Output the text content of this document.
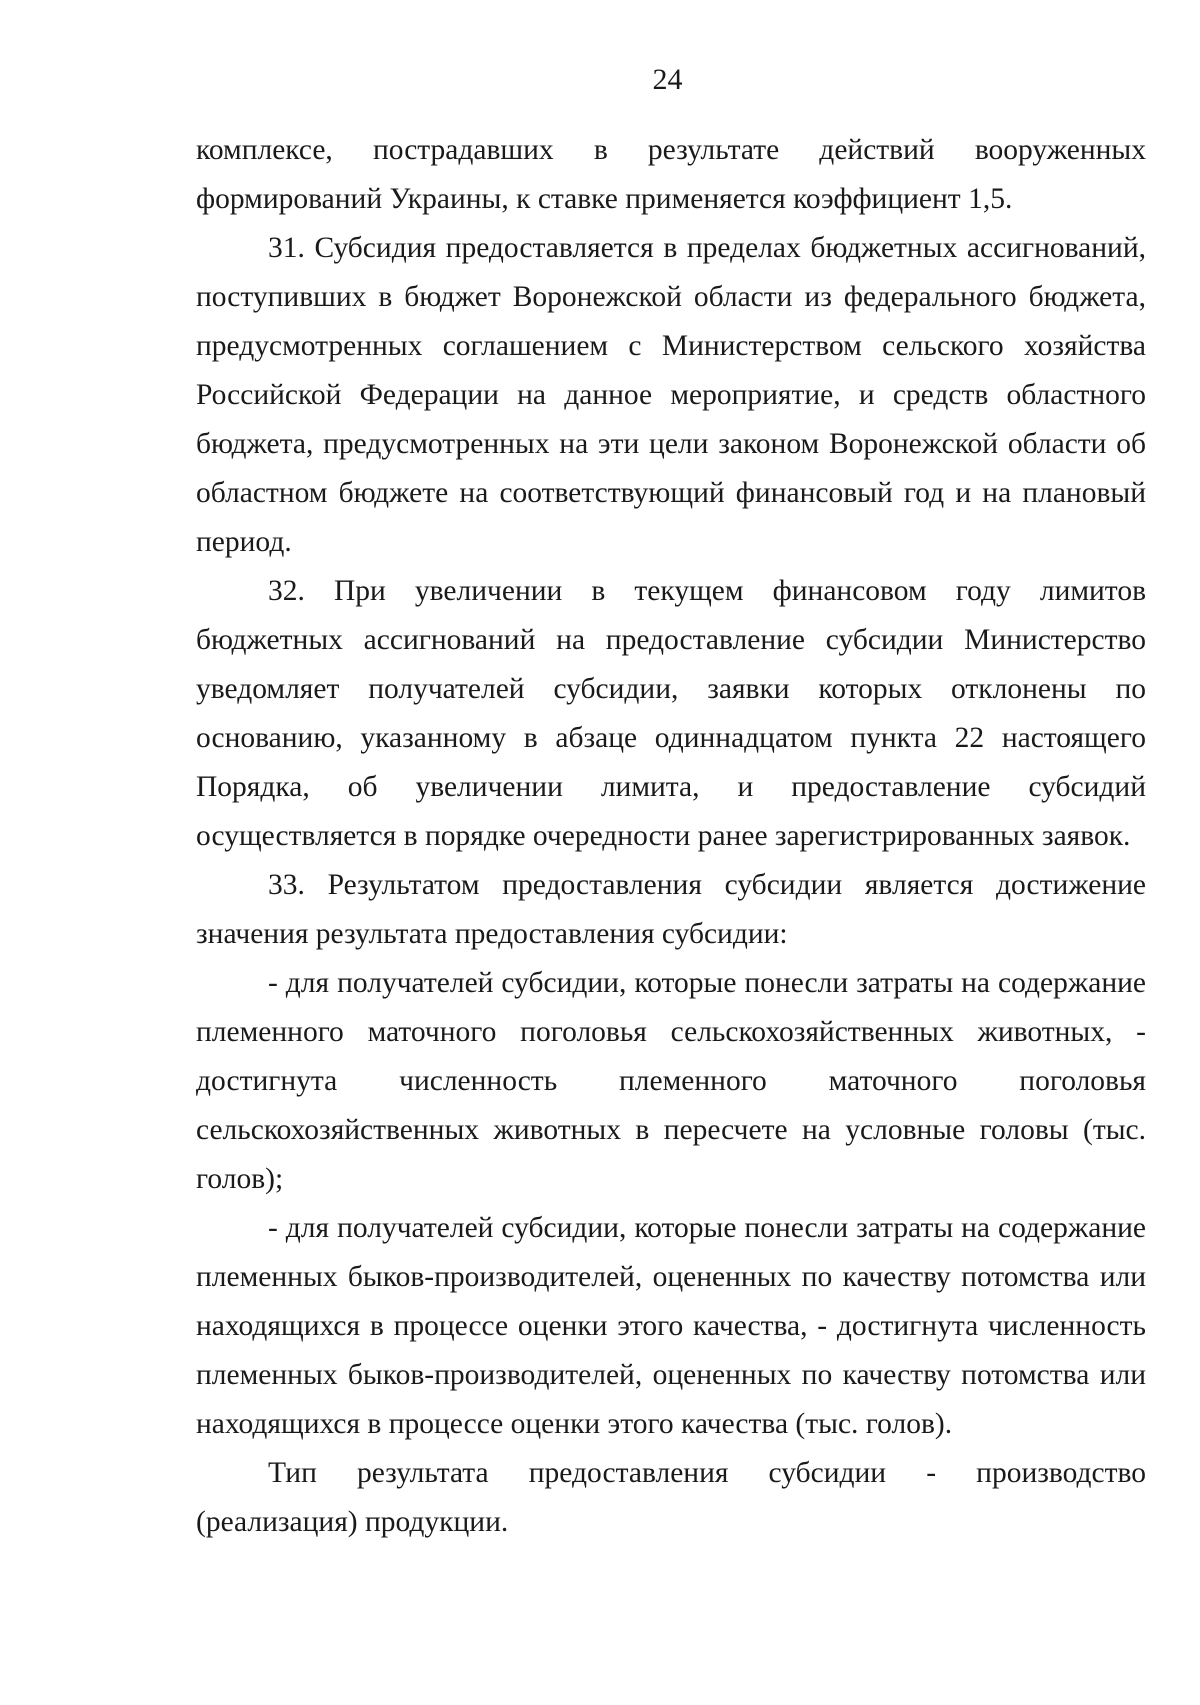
24

комплексе, пострадавших в результате действий вооруженных формирований Украины, к ставке применяется коэффициент 1,5.

31. Субсидия предоставляется в пределах бюджетных ассигнований, поступивших в бюджет Воронежской области из федерального бюджета, предусмотренных соглашением с Министерством сельского хозяйства Российской Федерации на данное мероприятие, и средств областного бюджета, предусмотренных на эти цели законом Воронежской области об областном бюджете на соответствующий финансовый год и на плановый период.

32. При увеличении в текущем финансовом году лимитов бюджетных ассигнований на предоставление субсидии Министерство уведомляет получателей субсидии, заявки которых отклонены по основанию, указанному в абзаце одиннадцатом пункта 22 настоящего Порядка, об увеличении лимита, и предоставление субсидий осуществляется в порядке очередности ранее зарегистрированных заявок.

33. Результатом предоставления субсидии является достижение значения результата предоставления субсидии:

- для получателей субсидии, которые понесли затраты на содержание племенного маточного поголовья сельскохозяйственных животных, - достигнута численность племенного маточного поголовья сельскохозяйственных животных в пересчете на условные головы (тыс. голов);

- для получателей субсидии, которые понесли затраты на содержание племенных быков-производителей, оцененных по качеству потомства или находящихся в процессе оценки этого качества, - достигнута численность племенных быков-производителей, оцененных по качеству потомства или находящихся в процессе оценки этого качества (тыс. голов).

Тип результата предоставления субсидии - производство (реализация) продукции.
